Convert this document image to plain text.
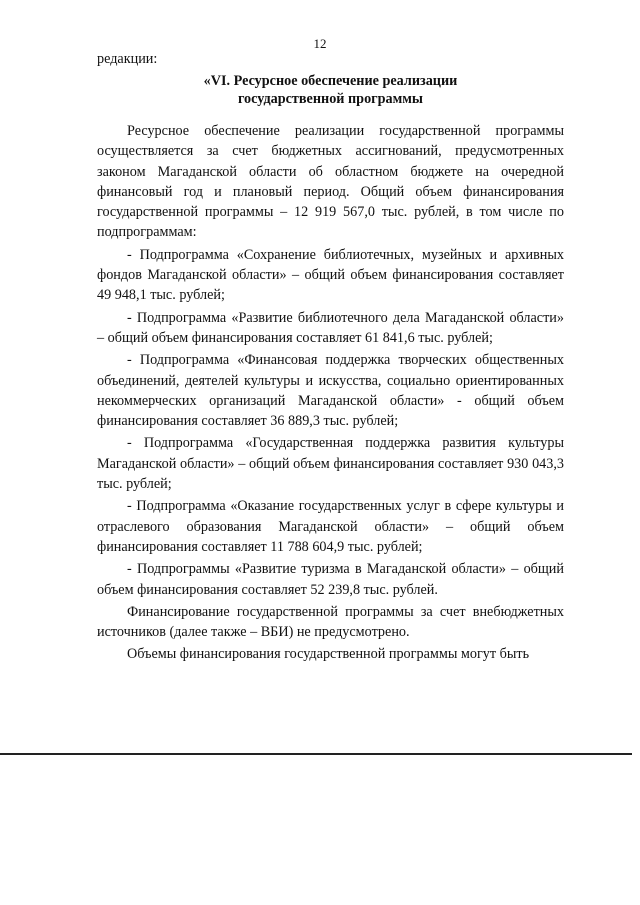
12
редакции:
«VI. Ресурсное обеспечение реализации
государственной программы

Ресурсное обеспечение реализации государственной программы осуществляется за счет бюджетных ассигнований, предусмотренных законом Магаданской области об областном бюджете на очередной финансовый год и плановый период. Общий объем финансирования государственной программы – 12 919 567,0 тыс. рублей, в том числе по подпрограммам:

- Подпрограмма «Сохранение библиотечных, музейных и архивных фондов Магаданской области» – общий объем финансирования составляет 49 948,1 тыс. рублей;

- Подпрограмма «Развитие библиотечного дела Магаданской области» – общий объем финансирования составляет 61 841,6 тыс. рублей;

- Подпрограмма «Финансовая поддержка творческих общественных объединений, деятелей культуры и искусства, социально ориентированных некоммерческих организаций Магаданской области» - общий объем финансирования составляет 36 889,3 тыс. рублей;

- Подпрограмма «Государственная поддержка развития культуры Магаданской области» – общий объем финансирования составляет 930 043,3 тыс. рублей;

- Подпрограмма «Оказание государственных услуг в сфере культуры и отраслевого образования Магаданской области» – общий объем финансирования составляет 11 788 604,9 тыс. рублей;

- Подпрограммы «Развитие туризма в Магаданской области» – общий объем финансирования составляет 52 239,8 тыс. рублей.

Финансирование государственной программы за счет внебюджетных источников (далее также – ВБИ) не предусмотрено.

Объемы финансирования государственной программы могут быть
